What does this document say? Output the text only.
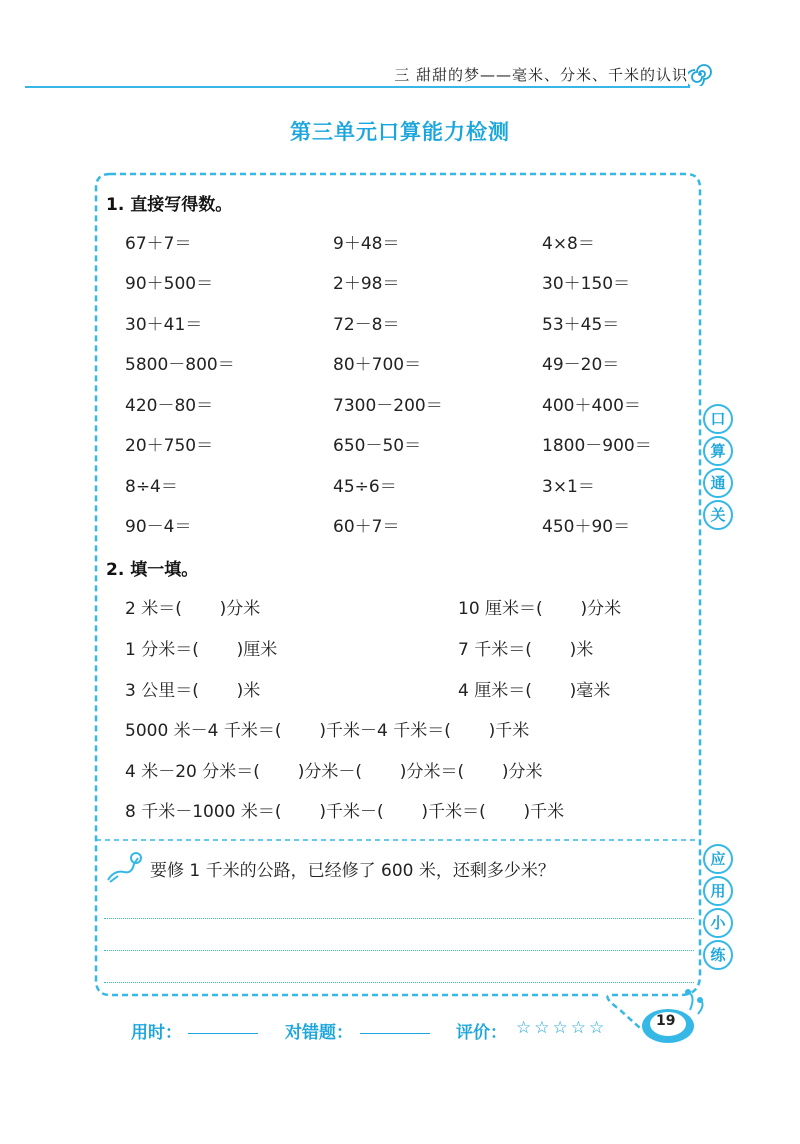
三 甜甜的梦——毫米、分米、千米的认识
第三单元口算能力检测
1. 直接写得数。
67＋7＝	9＋48＝	4×8＝
90＋500＝	2＋98＝	30＋150＝
30＋41＝	72－8＝	53＋45＝
5800－800＝	80＋700＝	49－20＝
420－80＝	7300－200＝	400＋400＝
20＋750＝	650－50＝	1800－900＝
8÷4＝	45÷6＝	3×1＝
90－4＝	60＋7＝	450＋90＝
2. 填一填。
2 米＝(       )分米	10 厘米＝(       )分米
1 分米＝(       )厘米	7 千米＝(       )米
3 公里＝(       )米	4 厘米＝(       )毫米
5000 米－4 千米＝(       )千米－4 千米＝(       )千米
4 米－20 分米＝(       )分米－(       )分米＝(       )分米
8 千米－1000 米＝(       )千米－(       )千米＝(       )千米
口
算
通
关
应
用
小
练
要修 1 千米的公路，已经修了 600 米，还剩多少米？
用时：	对错题：	评价： ☆☆☆☆☆	19
